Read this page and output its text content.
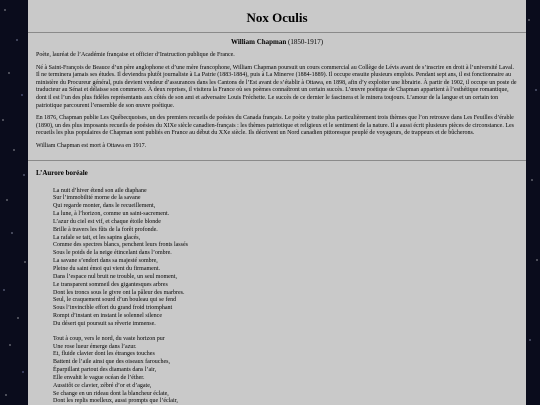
Nox Oculis
William Chapman (1850-1917)

Poète, lauréat de l’Académie française et officier d’Instruction publique de France.

Né à Saint-François de Beauce d’un père anglophone et d’une mère francophone, William Chapman poursuit un cours commercial au Collège de Lévis avant de s’inscrire en droit à l’université Laval. Il ne terminera jamais ses études. Il deviendra plutôt journaliste à La Patrie (1883-1884), puis à La Minerve (1884-1889). Il occupe ensuite plusieurs emplois. Pendant sept ans, il est fonctionnaire au ministère du Procureur général, puis devient vendeur d’assurances dans les Cantons de l’Est avant de s’établir à Ottawa, en 1898, afin d’y exploiter une librairie. À partir de 1902, il occupe un poste de traducteur au Sénat et délaisse son commerce. À deux reprises, il visitera la France où ses poèmes connaîtront un certain succès. L’œuvre poétique de Chapman appartient à l’esthétique romantique, dont il est l’un des plus fidèles représentants aux côtés de son ami et adversaire Louis Fréchette. Le succès de ce dernier le fascinera et le minera toujours. L’amour de la langue et un certain ton patriotique parcourent l’ensemble de son œuvre poétique.

En 1876, Chapman publie Les Québecquoises, un des premiers recueils de poésies du Canada français. Le poète y traite plus particulièrement trois thèmes que l’on retrouve dans Les Feuilles d’érable (1890), un des plus imposants recueils de poésies du XIXe siècle canadien-français : les thèmes patriotique et religieux et le sentiment de la nature. Il a aussi écrit plusieurs pièces de circonstance. Les recueils les plus populaires de Chapman sont publiés en France au début du XXe siècle. Ils décrivent un Nord canadien pittoresque peuplé de voyageurs, de trappeurs et de bûcherons.

William Chapman est mort à Ottawa en 1917.

L’Aurore boréale
La nuit d’hiver étend son aile diaphane
Sur l’immobilité morne de la savane
Qui regarde monter, dans le recueillement,
La lune, à l’horizon, comme un saint-sacrement.
L’azur du ciel est vif, et chaque étoile blonde
Brille à travers les fûts de la forêt profonde.
La rafale se tait, et les sapins glacés,
Comme des spectres blancs, penchent leurs fronts lassés
Sous le poids de la neige étincelant dans l’ombre.
La savane s’endort dans sa majesté sombre,
Pleine du saint émoi qui vient du firmament.
Dans l’espace nul bruit ne trouble, un seul moment,
Le transparent sommeil des gigantesques arbres
Dont les troncs sous le givre ont la pâleur des marbres.
Seul, le craquement sourd d’un bouleau qui se fend
Sous l’invincible effort du grand froid triomphant
Rompt d’instant en instant le solennel silence
Du désert qui poursuit sa rêverie immense.
Tout à coup, vers le nord, du vaste horizon pur
Une rose lueur émerge dans l’azur.
Et, fluide clavier dont les étranges touches
Battent de l’aile ainsi que des oiseaux farouches,
Éparpillant partout des diamants dans l’air,
Elle envahit le vague océan de l’éther.
Aussitôt ce clavier, zébré d’or et d’agate,
Se change en un rideau dont la blancheur éclate,
Dont les replis moelleux, aussi prompts que l’éclair,
